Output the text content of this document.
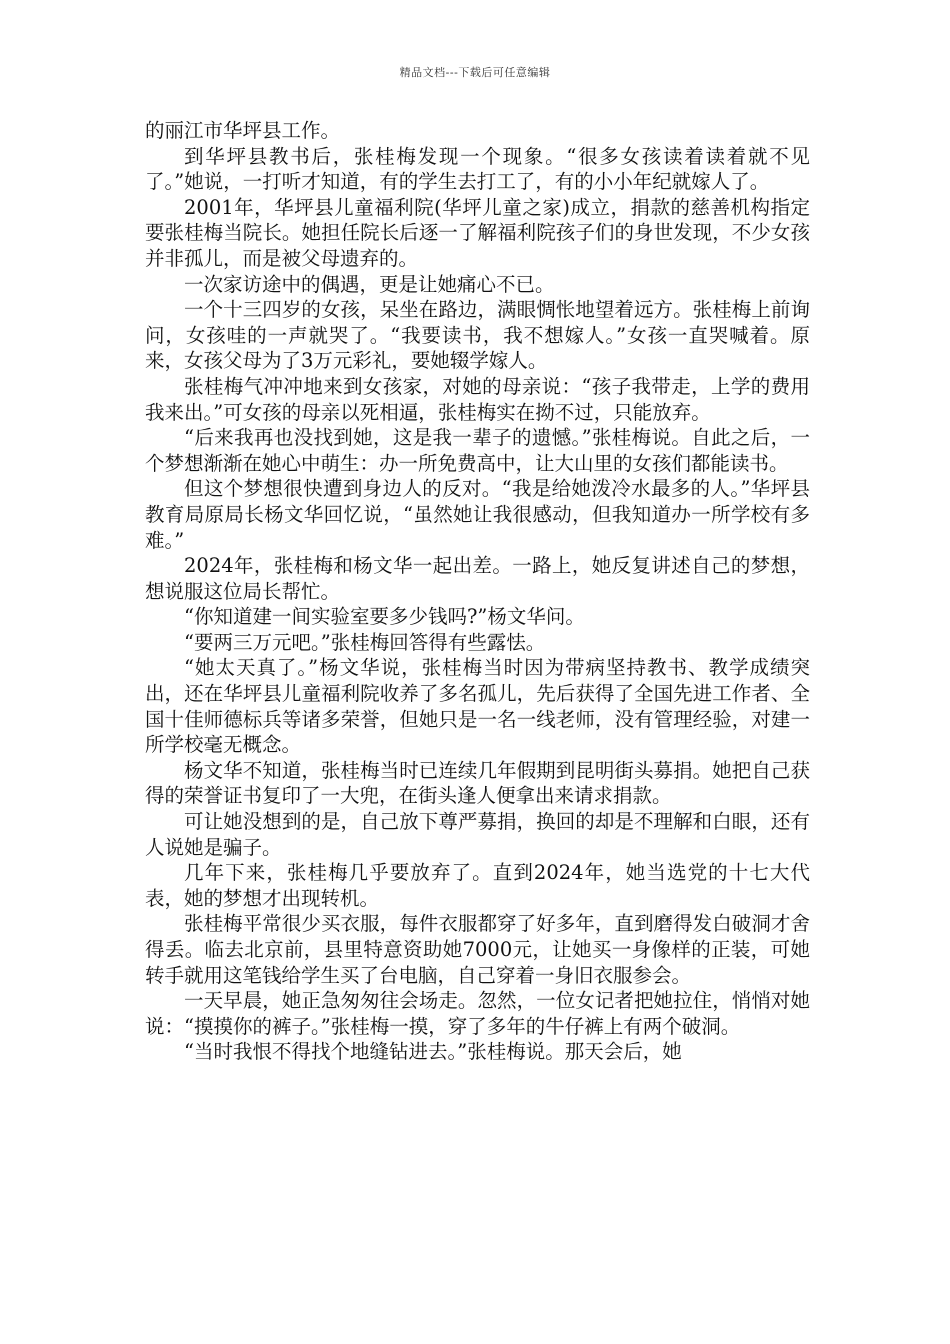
精品文档---下载后可任意编辑

的丽江市华坪县工作。

到华坪县教书后，张桂梅发现一个现象。“很多女孩读着读着就不见了。”她说，一打听才知道，有的学生去打工了，有的小小年纪就嫁人了。

2001年，华坪县儿童福利院(华坪儿童之家)成立，捐款的慈善机构指定要张桂梅当院长。她担任院长后逐一了解福利院孩子们的身世发现，不少女孩并非孤儿，而是被父母遗弃的。

一次家访途中的偶遇，更是让她痛心不已。

一个十三四岁的女孩，呆坐在路边，满眼惆怅地望着远方。张桂梅上前询问，女孩哇的一声就哭了。“我要读书，我不想嫁人。”女孩一直哭喊着。原来，女孩父母为了3万元彩礼，要她辍学嫁人。

张桂梅气冲冲地来到女孩家，对她的母亲说：“孩子我带走，上学的费用我来出。”可女孩的母亲以死相逼，张桂梅实在拗不过，只能放弃。

“后来我再也没找到她，这是我一辈子的遗憾。”张桂梅说。自此之后，一个梦想渐渐在她心中萌生：办一所免费高中，让大山里的女孩们都能读书。

但这个梦想很快遭到身边人的反对。“我是给她泼冷水最多的人。”华坪县教育局原局长杨文华回忆说，“虽然她让我很感动，但我知道办一所学校有多难。”

2024年，张桂梅和杨文华一起出差。一路上，她反复讲述自己的梦想，想说服这位局长帮忙。

“你知道建一间实验室要多少钱吗?”杨文华问。

“要两三万元吧。”张桂梅回答得有些露怯。

“她太天真了。”杨文华说，张桂梅当时因为带病坚持教书、教学成绩突出，还在华坪县儿童福利院收养了多名孤儿，先后获得了全国先进工作者、全国十佳师德标兵等诸多荣誉，但她只是一名一线老师，没有管理经验，对建一所学校毫无概念。

杨文华不知道，张桂梅当时已连续几年假期到昆明街头募捐。她把自己获得的荣誉证书复印了一大兜，在街头逢人便拿出来请求捐款。

可让她没想到的是，自己放下尊严募捐，换回的却是不理解和白眼，还有人说她是骗子。

几年下来，张桂梅几乎要放弃了。直到2024年，她当选党的十七大代表，她的梦想才出现转机。

张桂梅平常很少买衣服，每件衣服都穿了好多年，直到磨得发白破洞才舍得丢。临去北京前，县里特意资助她7000元，让她买一身像样的正装，可她转手就用这笔钱给学生买了台电脑，自己穿着一身旧衣服参会。

一天早晨，她正急匆匆往会场走。忽然，一位女记者把她拉住，悄悄对她说：“摸摸你的裤子。”张桂梅一摸，穿了多年的牛仔裤上有两个破洞。

“当时我恨不得找个地缝钻进去。”张桂梅说。那天会后，她
